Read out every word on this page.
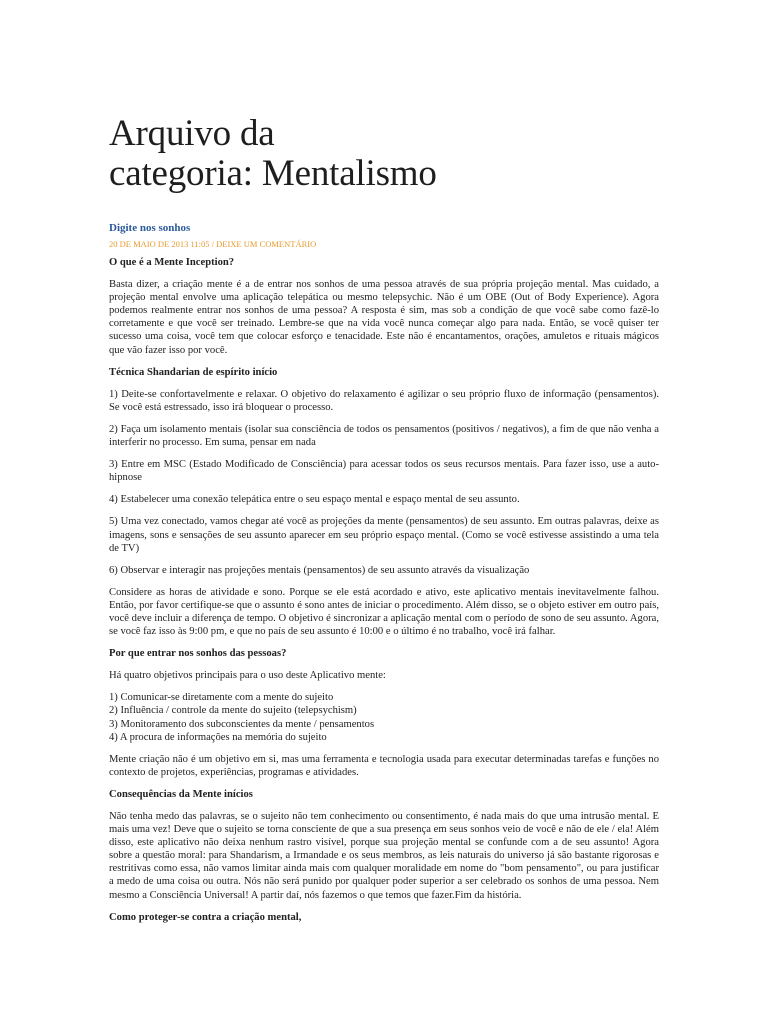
Arquivo da
categoria: Mentalismo
Digite nos sonhos
20 DE MAIO DE 2013 11:05 / DEIXE UM COMENTÁRIO
O que é a Mente Inception?

Basta dizer, a criação mente é a de entrar nos sonhos de uma pessoa através de sua própria projeção mental. Mas cuidado, a projeção mental envolve uma aplicação telepática ou mesmo telepsychic. Não é um OBE (Out of Body Experience). Agora podemos realmente entrar nos sonhos de uma pessoa? A resposta é sim, mas sob a condição de que você sabe como fazê-lo corretamente e que você ser treinado. Lembre-se que na vida você nunca começar algo para nada. Então, se você quiser ter sucesso uma coisa, você tem que colocar esforço e tenacidade. Este não é encantamentos, orações, amuletos e rituais mágicos que vão fazer isso por você.

Técnica Shandarian de espírito início

1) Deite-se confortavelmente e relaxar. O objetivo do relaxamento é agilizar o seu próprio fluxo de informação (pensamentos). Se você está estressado, isso irá bloquear o processo.

2) Faça um isolamento mentais (isolar sua consciência de todos os pensamentos (positivos / negativos), a fim de que não venha a interferir no processo. Em suma, pensar em nada

3) Entre em MSC (Estado Modificado de Consciência) para acessar todos os seus recursos mentais. Para fazer isso, use a auto-hipnose

4) Estabelecer uma conexão telepática entre o seu espaço mental e espaço mental de seu assunto.

5) Uma vez conectado, vamos chegar até você as projeções da mente (pensamentos) de seu assunto. Em outras palavras, deixe as imagens, sons e sensações de seu assunto aparecer em seu próprio espaço mental. (Como se você estivesse assistindo a uma tela de TV)

6) Observar e interagir nas projeções mentais (pensamentos) de seu assunto através da visualização

Considere as horas de atividade e sono. Porque se ele está acordado e ativo, este aplicativo mentais inevitavelmente falhou. Então, por favor certifique-se que o assunto é sono antes de iniciar o procedimento. Além disso, se o objeto estiver em outro país, você deve incluir a diferença de tempo. O objetivo é sincronizar a aplicação mental com o período de sono de seu assunto. Agora, se você faz isso às 9:00 pm, e que no país de seu assunto é 10:00 e o último é no trabalho, você irá falhar.

Por que entrar nos sonhos das pessoas?

Há quatro objetivos principais para o uso deste Aplicativo mente:

1) Comunicar-se diretamente com a mente do sujeito
2) Influência / controle da mente do sujeito (telepsychism)
3) Monitoramento dos subconscientes da mente / pensamentos
4) A procura de informações na memória do sujeito

Mente criação não é um objetivo em si, mas uma ferramenta e tecnologia usada para executar determinadas tarefas e funções no contexto de projetos, experiências, programas e atividades.

Consequências da Mente inícios

Não tenha medo das palavras, se o sujeito não tem conhecimento ou consentimento, é nada mais do que uma intrusão mental. E mais uma vez! Deve que o sujeito se torna consciente de que a sua presença em seus sonhos veio de você e não de ele / ela! Além disso, este aplicativo não deixa nenhum rastro visível, porque sua projeção mental se confunde com a de seu assunto! Agora sobre a questão moral: para Shandarism, a Irmandade e os seus membros, as leis naturais do universo já são bastante rigorosas e restritivas como essa, não vamos limitar ainda mais com qualquer moralidade em nome do "bom pensamento", ou para justificar a medo de uma coisa ou outra. Nós não será punido por qualquer poder superior a ser celebrado os sonhos de uma pessoa. Nem mesmo a Consciência Universal! A partir daí, nós fazemos o que temos que fazer.Fim da história.

Como proteger-se contra a criação mental,
